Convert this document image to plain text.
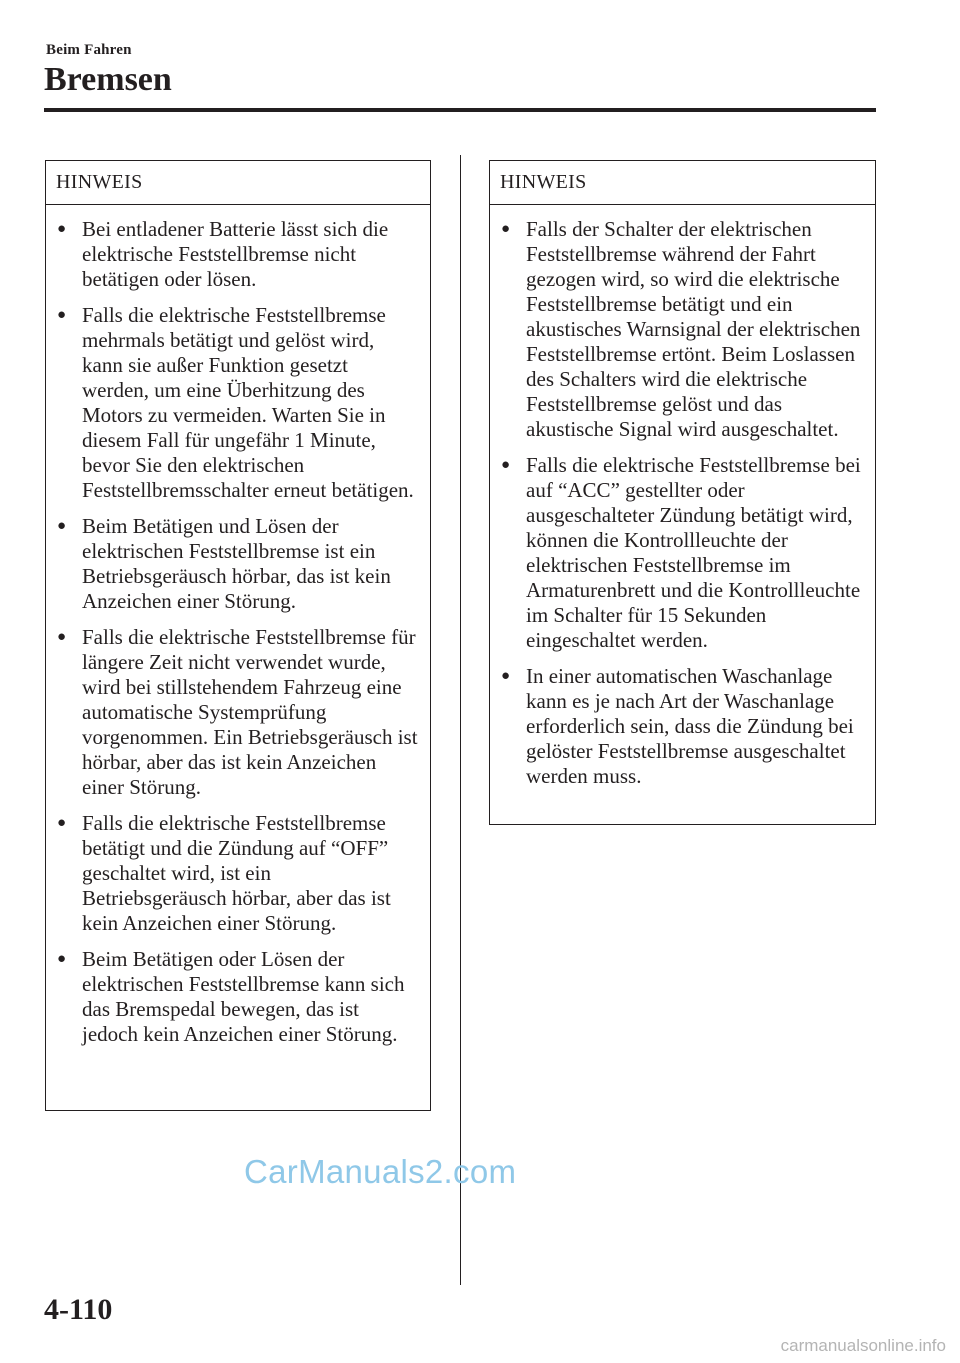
Beim Fahren
Bremsen
HINWEIS
● Bei entladener Batterie lässt sich die elektrische Feststellbremse nicht betätigen oder lösen.
● Falls die elektrische Feststellbremse mehrmals betätigt und gelöst wird, kann sie außer Funktion gesetzt werden, um eine Überhitzung des Motors zu vermeiden. Warten Sie in diesem Fall für ungefähr 1 Minute, bevor Sie den elektrischen Feststellbremsschalter erneut betätigen.
● Beim Betätigen und Lösen der elektrischen Feststellbremse ist ein Betriebsgeräusch hörbar, das ist kein Anzeichen einer Störung.
● Falls die elektrische Feststellbremse für längere Zeit nicht verwendet wurde, wird bei stillstehendem Fahrzeug eine automatische Systemprüfung vorgenommen. Ein Betriebsgeräusch ist hörbar, aber das ist kein Anzeichen einer Störung.
● Falls die elektrische Feststellbremse betätigt und die Zündung auf “OFF” geschaltet wird, ist ein Betriebsgeräusch hörbar, aber das ist kein Anzeichen einer Störung.
● Beim Betätigen oder Lösen der elektrischen Feststellbremse kann sich das Bremspedal bewegen, das ist jedoch kein Anzeichen einer Störung.
HINWEIS
● Falls der Schalter der elektrischen Feststellbremse während der Fahrt gezogen wird, so wird die elektrische Feststellbremse betätigt und ein akustisches Warnsignal der elektrischen Feststellbremse ertönt. Beim Loslassen des Schalters wird die elektrische Feststellbremse gelöst und das akustische Signal wird ausgeschaltet.
● Falls die elektrische Feststellbremse bei auf “ACC” gestellter oder ausgeschalteter Zündung betätigt wird, können die Kontrollleuchte der elektrischen Feststellbremse im Armaturenbrett und die Kontrollleuchte im Schalter für 15 Sekunden eingeschaltet werden.
● In einer automatischen Waschanlage kann es je nach Art der Waschanlage erforderlich sein, dass die Zündung bei gelöster Feststellbremse ausgeschaltet werden muss.
CarManuals2.com
4-110
carmanualsonline.info
